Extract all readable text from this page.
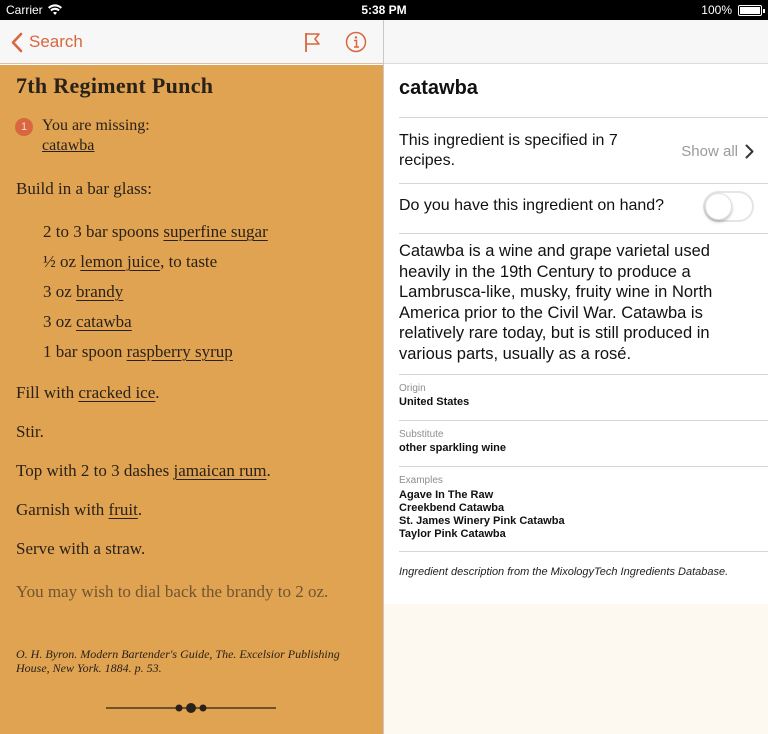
Carrier	5:38 PM	100%
Search
7th Regiment Punch
1 You are missing:
catawba
Build in a bar glass:
2 to 3 bar spoons superfine sugar
½ oz lemon juice, to taste
3 oz brandy
3 oz catawba
1 bar spoon raspberry syrup
Fill with cracked ice.
Stir.
Top with 2 to 3 dashes jamaican rum.
Garnish with fruit.
Serve with a straw.
You may wish to dial back the brandy to 2 oz.
O. H. Byron. Modern Bartender's Guide, The. Excelsior Publishing House, New York. 1884. p. 53.
catawba
This ingredient is specified in 7 recipes.
Show all
Do you have this ingredient on hand?
Catawba is a wine and grape varietal used heavily in the 19th Century to produce a Lambrusca-like, musky, fruity wine in North America prior to the Civil War. Catawba is relatively rare today, but is still produced in various parts, usually as a rosé.
Origin
United States
Substitute
other sparkling wine
Examples
Agave In The Raw
Creekbend Catawba
St. James Winery Pink Catawba
Taylor Pink Catawba
Ingredient description from the MixologyTech Ingredients Database.
